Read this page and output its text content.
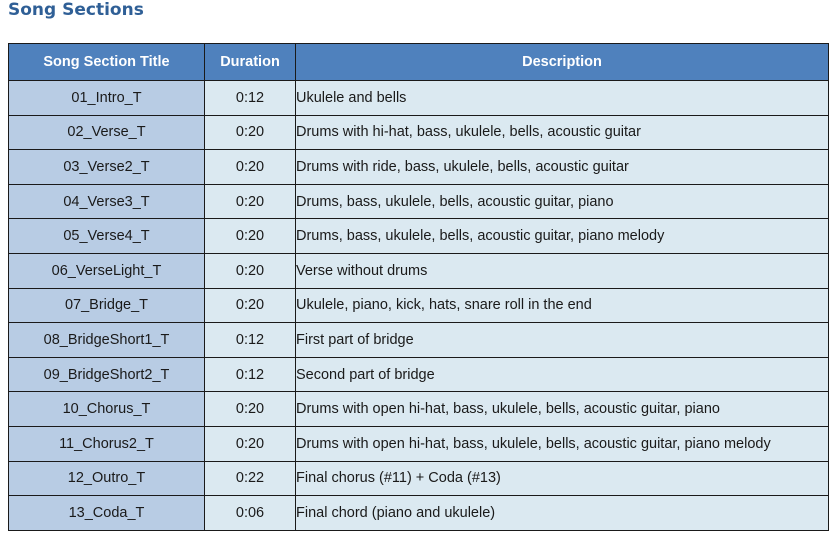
Song Sections
Song Section Title	Duration	Description
01_Intro_T	0:12	Ukulele and bells
02_Verse_T	0:20	Drums with hi-hat, bass, ukulele, bells, acoustic guitar
03_Verse2_T	0:20	Drums with ride, bass, ukulele, bells, acoustic guitar
04_Verse3_T	0:20	Drums, bass, ukulele, bells, acoustic guitar, piano
05_Verse4_T	0:20	Drums, bass, ukulele, bells, acoustic guitar, piano melody
06_VerseLight_T	0:20	Verse without drums
07_Bridge_T	0:20	Ukulele, piano, kick, hats, snare roll in the end
08_BridgeShort1_T	0:12	First part of bridge
09_BridgeShort2_T	0:12	Second part of bridge
10_Chorus_T	0:20	Drums with open hi-hat, bass, ukulele, bells, acoustic guitar, piano
11_Chorus2_T	0:20	Drums with open hi-hat, bass, ukulele, bells, acoustic guitar, piano melody
12_Outro_T	0:22	Final chorus (#11) + Coda (#13)
13_Coda_T	0:06	Final chord (piano and ukulele)
